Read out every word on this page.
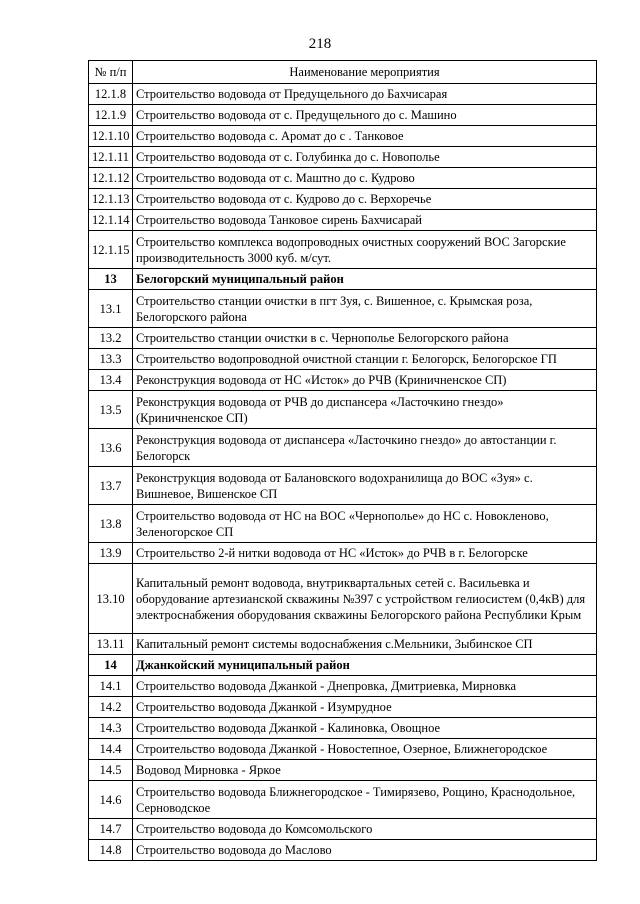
218
№ п/п	Наименование мероприятия
12.1.8	Строительство водовода от Предущельного до Бахчисарая
12.1.9	Строительство водовода от с. Предущельного до с. Машино
12.1.10	Строительство водовода с. Аромат до с . Танковое
12.1.11	Строительство водовода от с. Голубинка до с. Новополье
12.1.12	Строительство водовода от с. Маштно до с. Кудрово
12.1.13	Строительство водовода от с. Кудрово до с. Верхоречье
12.1.14	Строительство водовода Танковое сирень Бахчисарай
12.1.15	Строительство комплекса водопроводных очистных сооружений ВОС Загорские производительность 3000 куб. м/сут.
13	Белогорский муниципальный район
13.1	Строительство станции очистки в пгт Зуя, с. Вишенное, с. Крымская роза, Белогорского района
13.2	Строительство станции очистки в с. Чернополье Белогорского района
13.3	Строительство водопроводной очистной станции г. Белогорск, Белогорское ГП
13.4	Реконструкция водовода от НС «Исток» до РЧВ (Криничненское СП)
13.5	Реконструкция водовода от РЧВ до диспансера «Ласточкино гнездо» (Криничненское СП)
13.6	Реконструкция водовода от диспансера «Ласточкино гнездо» до автостанции г. Белогорск
13.7	Реконструкция водовода от Балановского водохранилища до ВОС «Зуя» с. Вишневое, Вишенское СП
13.8	Строительство водовода от НС на ВОС «Чернополье» до НС с. Новокленово, Зеленогорское СП
13.9	Строительство 2-й нитки водовода от НС «Исток» до РЧВ в г. Белогорске
13.10	Капитальный ремонт водовода, внутриквартальных сетей с. Васильевка и оборудование артезианской скважины №397 с устройством гелиосистем (0,4кВ) для электроснабжения оборудования скважины Белогорского района Республики Крым
13.11	Капитальный ремонт системы водоснабжения с.Мельники, Зыбинское СП
14	Джанкойский муниципальный район
14.1	Строительство водовода Джанкой - Днепровка, Дмитриевка, Мирновка
14.2	Строительство водовода Джанкой - Изумрудное
14.3	Строительство водовода Джанкой - Калиновка, Овощное
14.4	Строительство водовода Джанкой - Новостепное, Озерное, Ближнегородское
14.5	Водовод Мирновка - Яркое
14.6	Строительство водовода Ближнегородское - Тимирязево, Рощино, Краснодольное, Серноводское
14.7	Строительство водовода до Комсомольского
14.8	Строительство водовода до Маслово
